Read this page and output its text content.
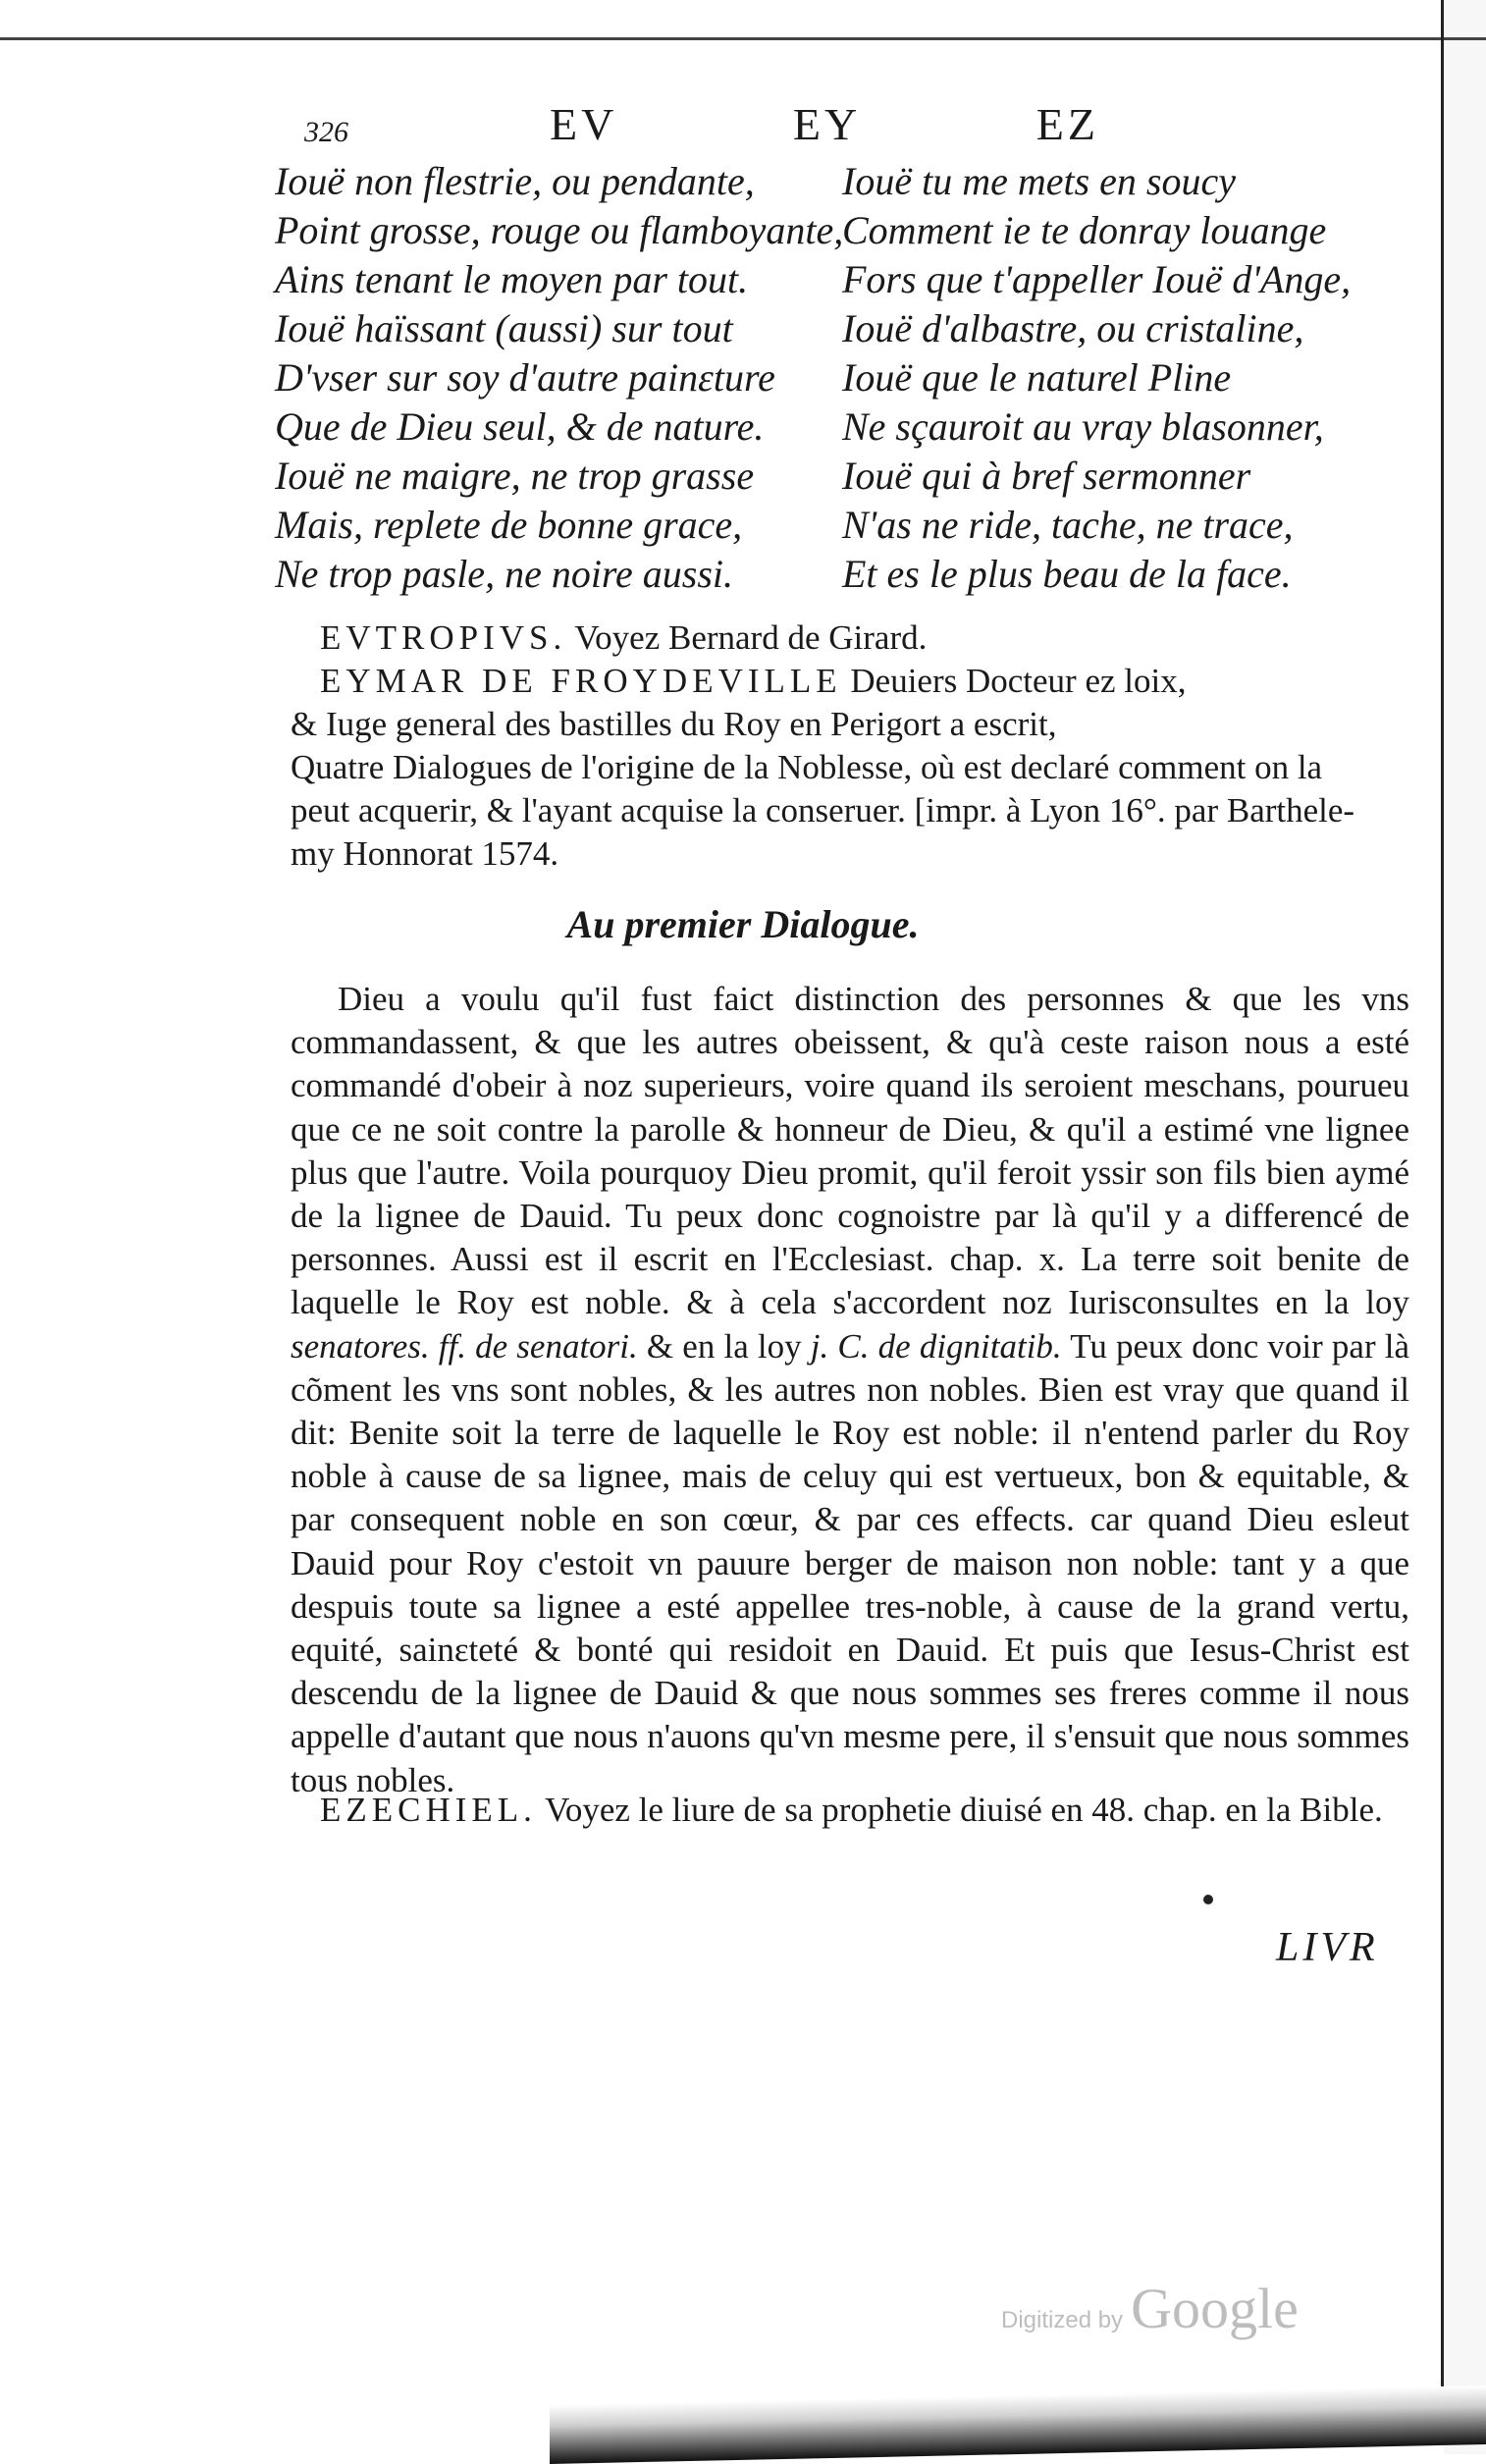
326	EV	EY	EZ
Iouë non flestrie, ou pendante,
Point grosse, rouge ou flamboyante,
Ains tenant le moyen par tout.
Iouë haïssant (aussi) sur tout
D'vser sur soy d'autre painɛture
Que de Dieu seul, & de nature.
Iouë ne maigre, ne trop grasse
Mais, replete de bonne grace,
Ne trop pasle, ne noire aussi.
Iouë tu me mets en soucy
Comment ie te donray louange
Fors que t'appeller Iouë d'Ange,
Iouë d'albastre, ou cristaline,
Iouë que le naturel Pline
Ne sçauroit au vray blasonner,
Iouë qui à bref sermonner
N'as ne ride, tache, ne trace,
Et es le plus beau de la face.
EVTROPIVS. Voyez Bernard de Girard.
EYMAR DE FROYDEVILLE Deuiers Docteur ez loix,
& Iuge general des bastilles du Roy en Perigort a escrit,
Quatre Dialogues de l'origine de la Noblesse, où est declaré comment on la
peut acquerir, & l'ayant acquise la conseruer. [impr. à Lyon 16°. par Barthele-
my Honnorat 1574.
Au premier Dialogue.
Dieu a voulu qu'il fust faict distinction des personnes & que les vns commandassent, & que les autres obeissent, & qu'à ceste raison nous a esté commandé d'obeir à noz superieurs, voire quand ils seroient meschans, pourueu que ce ne soit contre la parolle & honneur de Dieu, & qu'il a estimé vne lignee plus que l'autre. Voila pourquoy Dieu promit, qu'il feroit yssir son fils bien aymé de la lignee de Dauid. Tu peux donc cognoistre par là qu'il y a differencé de personnes. Aussi est il escrit en l'Ecclesiast. chap. x. La terre soit benite de laquelle le Roy est noble. & à cela s'accordent noz Iurisconsultes en la loy senatores. ff. de senatori. & en la loy j. C. de dignitatib. Tu peux donc voir par là cõment les vns sont nobles, & les autres non nobles. Bien est vray que quand il dit: Benite soit la terre de laquelle le Roy est noble: il n'entend parler du Roy noble à cause de sa lignee, mais de celuy qui est vertueux, bon & equitable, & par consequent noble en son cœur, & par ces effects. car quand Dieu esleut Dauid pour Roy c'estoit vn pauure berger de maison non noble: tant y a que despuis toute sa lignee a esté appellee tres-noble, à cause de la grand vertu, equité, sainɛteté & bonté qui residoit en Dauid. Et puis que Iesus-Christ est descendu de la lignee de Dauid & que nous sommes ses freres comme il nous appelle d'autant que nous n'auons qu'vn mesme pere, il s'ensuit que nous sommes tous nobles.
EZECHIEL. Voyez le liure de sa prophetie diuisé en 48. chap. en la Bible.
LIVR
Digitized by Google
